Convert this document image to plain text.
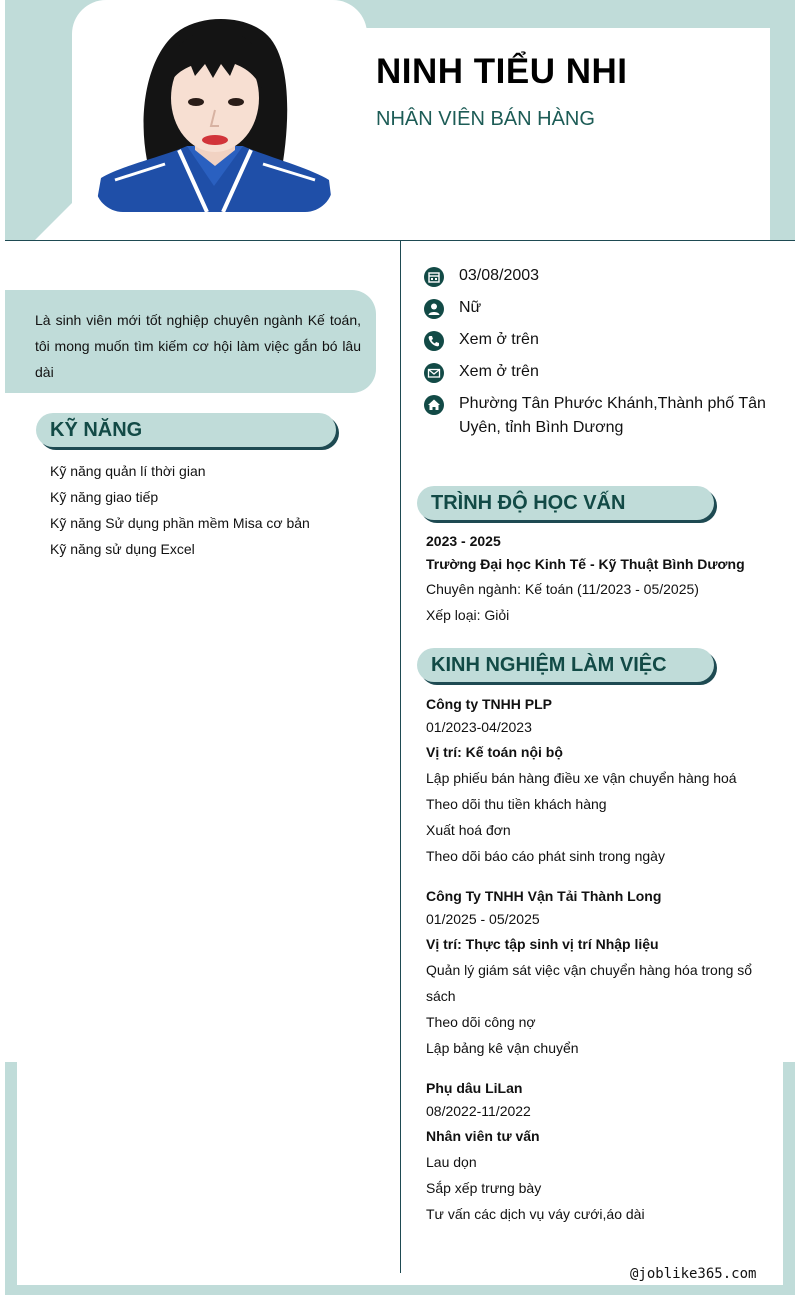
NINH TIỂU NHI
NHÂN VIÊN BÁN HÀNG
Là sinh viên mới tốt nghiệp chuyên ngành Kế toán, tôi mong muốn tìm kiếm cơ hội làm việc gắn bó lâu dài
KỸ NĂNG
Kỹ năng quản lí thời gian
Kỹ năng giao tiếp
Kỹ năng Sử dụng phần mềm Misa cơ bản
Kỹ năng sử dụng Excel
03/08/2003
Nữ
Xem ở trên
Xem ở trên
Phường Tân Phước Khánh,Thành phố Tân Uyên, tỉnh Bình Dương
TRÌNH ĐỘ HỌC VẤN
2023 - 2025
Trường Đại học Kinh Tế - Kỹ Thuật Bình Dương
Chuyên ngành: Kế toán (11/2023 - 05/2025)
Xếp loại: Giỏi
KINH NGHIỆM LÀM VIỆC
Công ty TNHH PLP
01/2023-04/2023
Vị trí: Kế toán nội bộ
Lập phiếu bán hàng điều xe vận chuyển hàng hoá
Theo dõi thu tiền khách hàng
Xuất hoá đơn
Theo dõi báo cáo phát sinh trong ngày
Công Ty TNHH Vận Tải Thành Long
01/2025 - 05/2025
Vị trí: Thực tập sinh vị trí Nhập liệu
Quản lý giám sát việc vận chuyển hàng hóa trong sổ sách
Theo dõi công nợ
Lập bảng kê vận chuyển
Phụ dâu LiLan
08/2022-11/2022
Nhân viên tư vấn
Lau dọn
Sắp xếp trưng bày
Tư vấn các dịch vụ váy cưới,áo dài
@joblike365.com
